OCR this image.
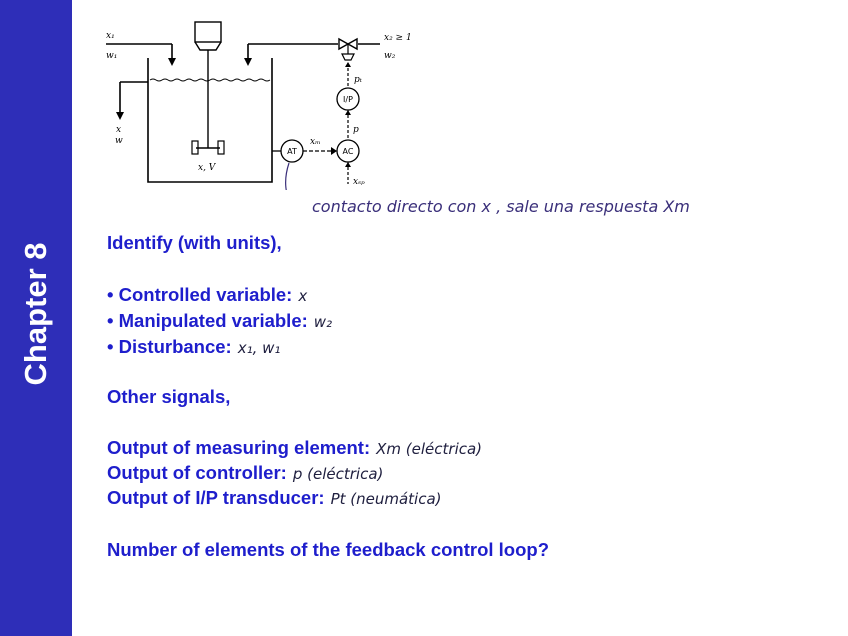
Chapter 8
x₁
w₁
x, V
x
w
x₂ ≥ 1
w₂
pₜ
I/P
p
AC
xₛₚ
AT
xₘ
contacto directo con x , sale una respuesta Xm
Identify (with units),
• Controlled variable: x
• Manipulated variable: w₂
• Disturbance: x₁, w₁
Other signals,
Output of measuring element: Xm (eléctrica)
Output of controller: p (eléctrica)
Output of I/P transducer: Pt (neumática)
Number of elements of the feedback control loop?
